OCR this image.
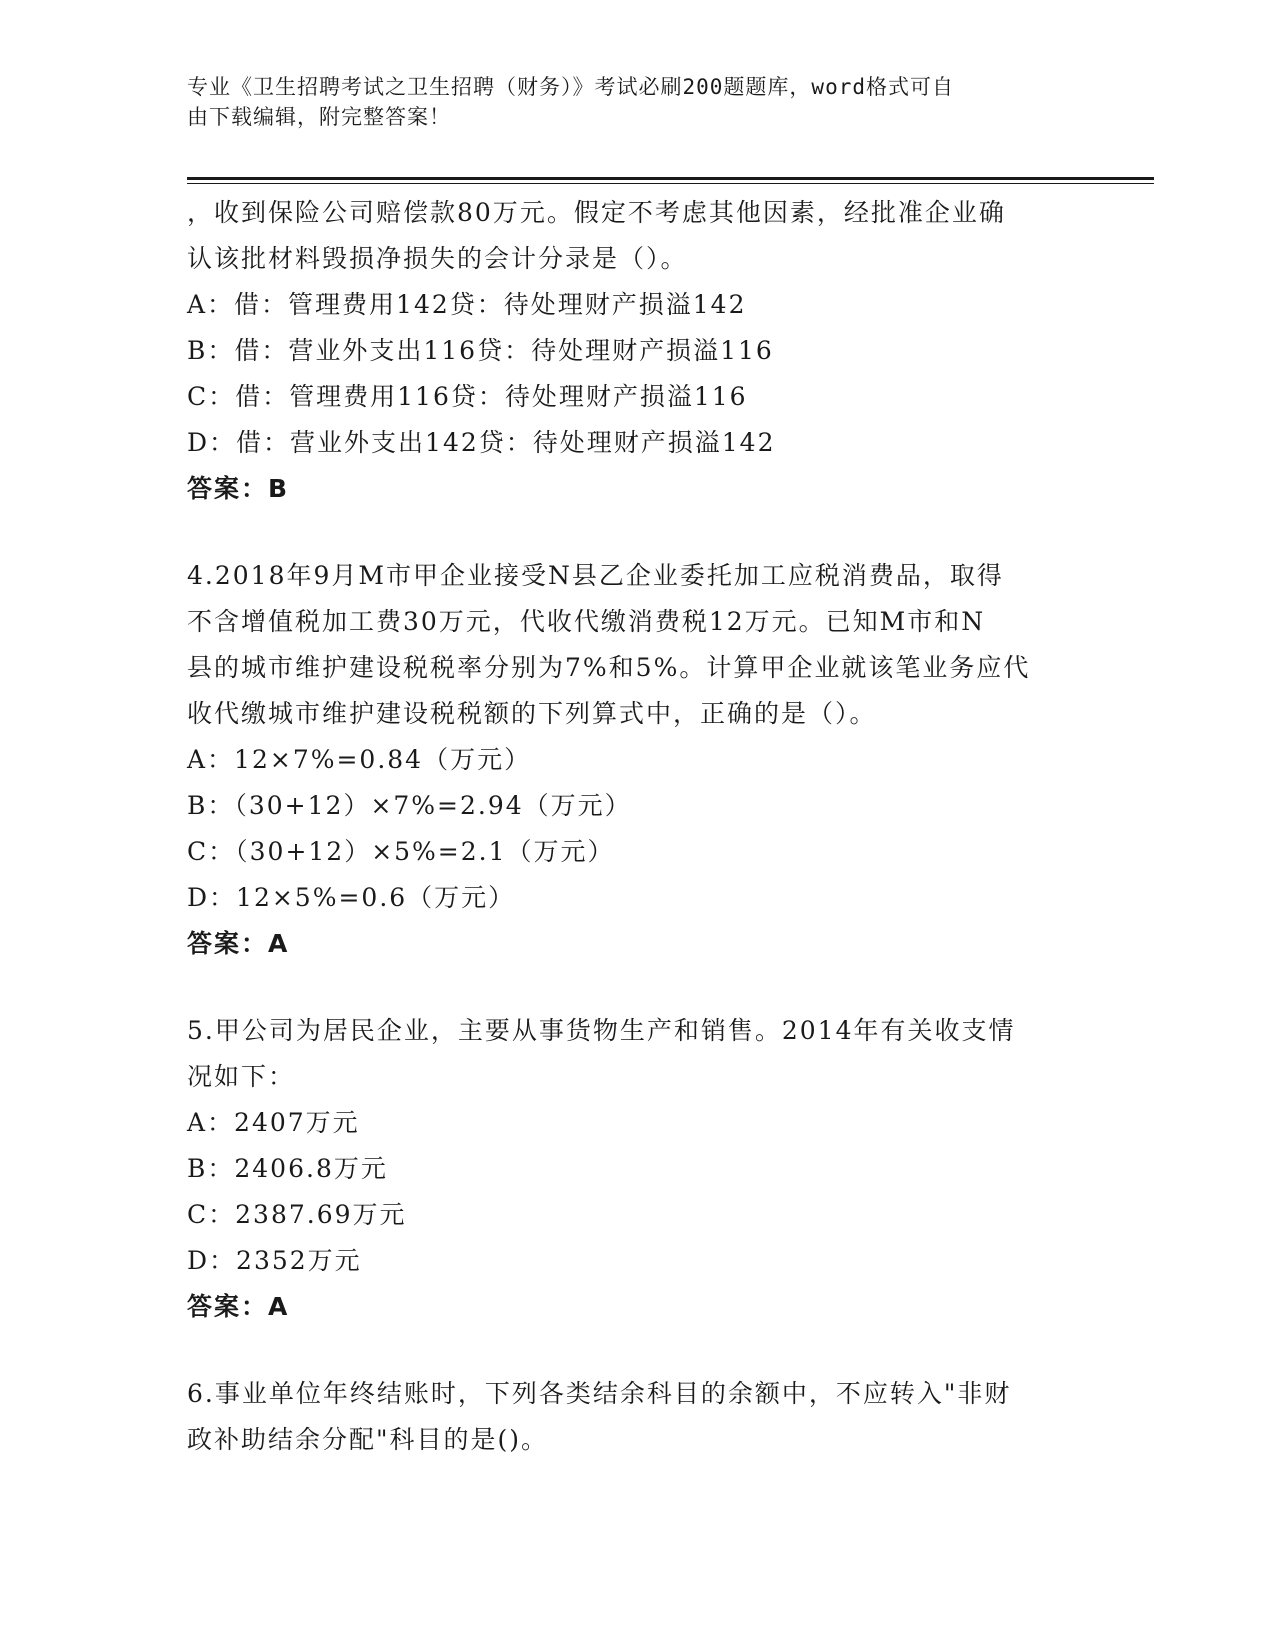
专业《卫生招聘考试之卫生招聘（财务）》考试必刷200题题库，word格式可自
由下载编辑，附完整答案！
，收到保险公司赔偿款80万元。假定不考虑其他因素，经批准企业确
认该批材料毁损净损失的会计分录是（）。
A：借：管理费用142贷：待处理财产损溢142
B：借：营业外支出116贷：待处理财产损溢116
C：借：管理费用116贷：待处理财产损溢116
D：借：营业外支出142贷：待处理财产损溢142
答案：B
4.2018年9月M市甲企业接受N县乙企业委托加工应税消费品，取得
不含增值税加工费30万元，代收代缴消费税12万元。已知M市和N
县的城市维护建设税税率分别为7%和5%。计算甲企业就该笔业务应代
收代缴城市维护建设税税额的下列算式中，正确的是（）。
A：12×7%=0.84（万元）
B：（30+12）×7%=2.94（万元）
C：（30+12）×5%=2.1（万元）
D：12×5%=0.6（万元）
答案：A
5.甲公司为居民企业，主要从事货物生产和销售。2014年有关收支情
况如下：
A：2407万元
B：2406.8万元
C：2387.69万元
D：2352万元
答案：A
6.事业单位年终结账时，下列各类结余科目的余额中，不应转入"非财
政补助结余分配"科目的是()。
